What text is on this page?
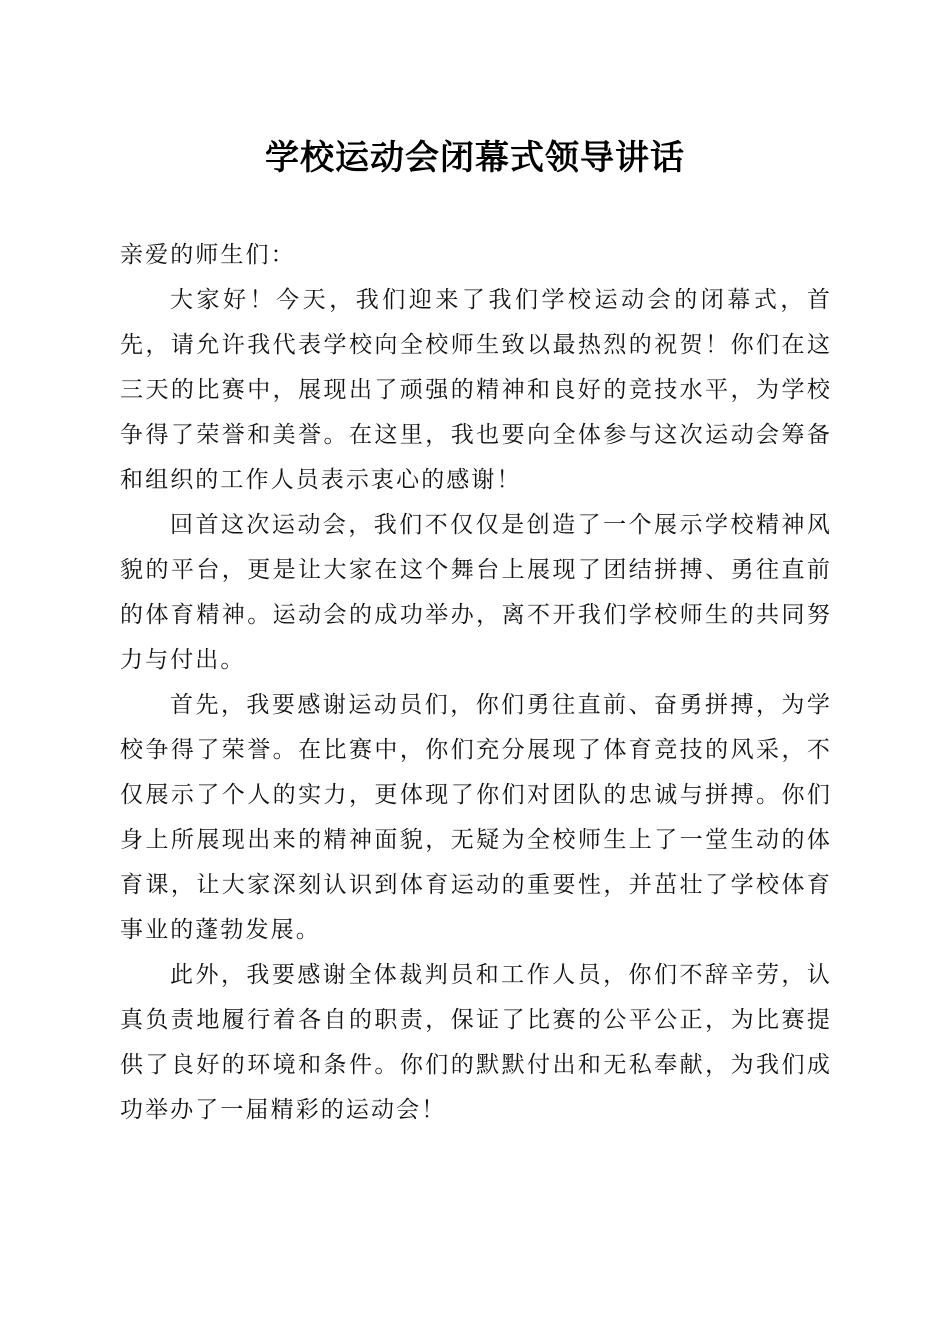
学校运动会闭幕式领导讲话

亲爱的师生们：

大家好！今天，我们迎来了我们学校运动会的闭幕式，首先，请允许我代表学校向全校师生致以最热烈的祝贺！你们在这三天的比赛中，展现出了顽强的精神和良好的竞技水平，为学校争得了荣誉和美誉。在这里，我也要向全体参与这次运动会筹备和组织的工作人员表示衷心的感谢！

回首这次运动会，我们不仅仅是创造了一个展示学校精神风貌的平台，更是让大家在这个舞台上展现了团结拼搏、勇往直前的体育精神。运动会的成功举办，离不开我们学校师生的共同努力与付出。

首先，我要感谢运动员们，你们勇往直前、奋勇拼搏，为学校争得了荣誉。在比赛中，你们充分展现了体育竞技的风采，不仅展示了个人的实力，更体现了你们对团队的忠诚与拼搏。你们身上所展现出来的精神面貌，无疑为全校师生上了一堂生动的体育课，让大家深刻认识到体育运动的重要性，并茁壮了学校体育事业的蓬勃发展。

此外，我要感谢全体裁判员和工作人员，你们不辞辛劳，认真负责地履行着各自的职责，保证了比赛的公平公正，为比赛提供了良好的环境和条件。你们的默默付出和无私奉献，为我们成功举办了一届精彩的运动会！
